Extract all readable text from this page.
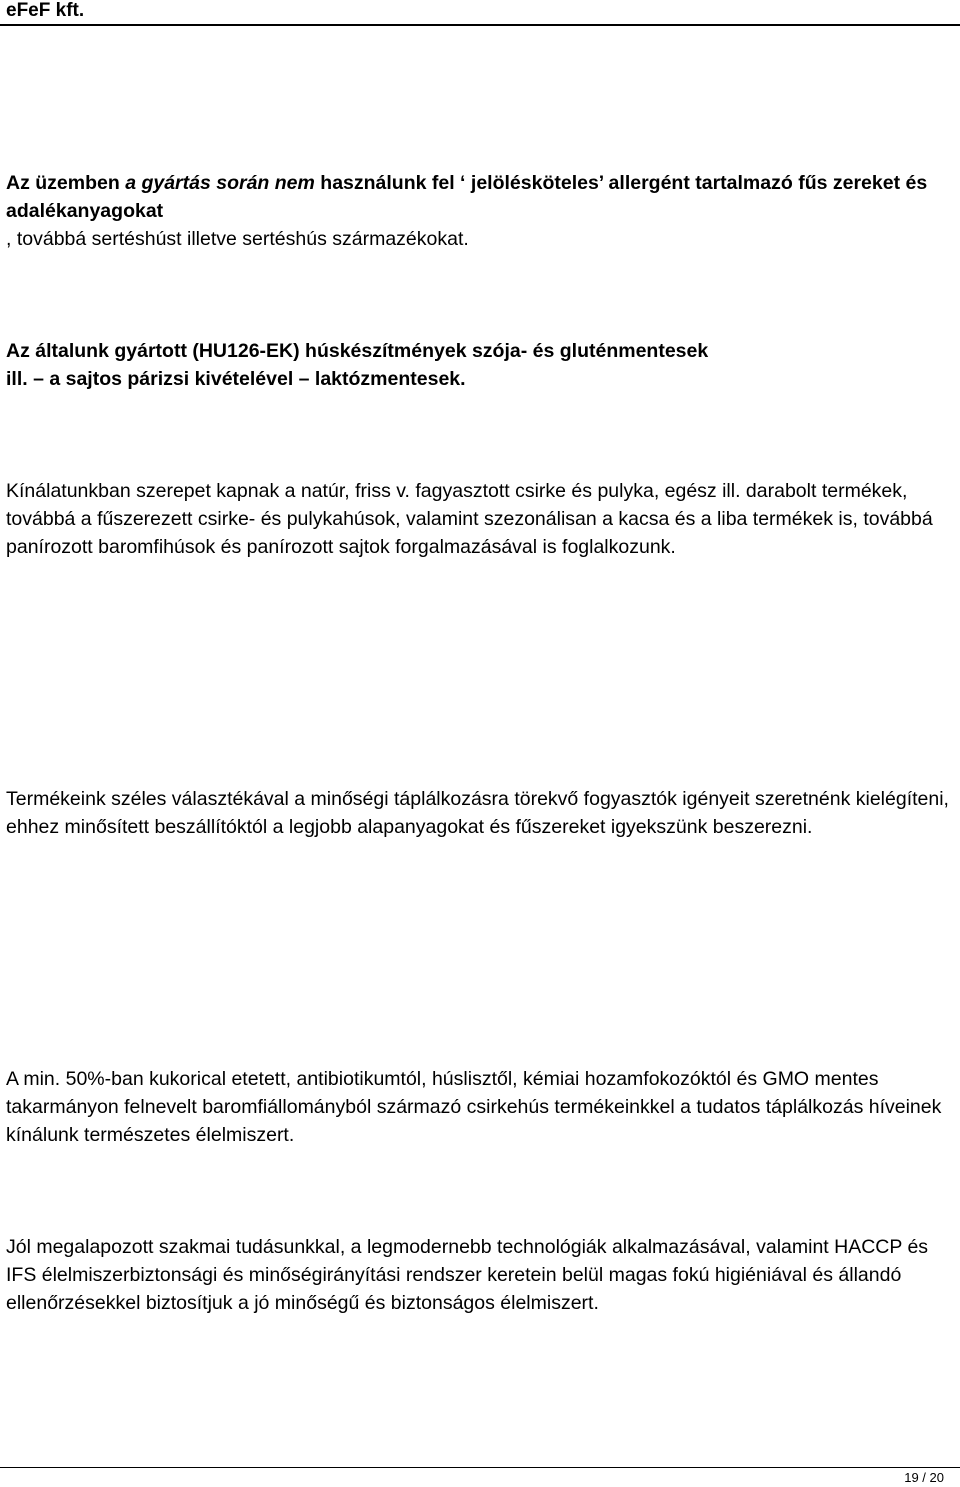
eFeF kft.
Az üzemben a gyártás során nem használunk fel ‘ jelölésköteles’ allergént tartalmazó fűs zereket és adalékanyagokat
, továbbá sertéshúst illetve sertéshús származékokat.
Az általunk gyártott (HU126-EK) húskészítmények szója- és gluténmentesek
ill. – a sajtos párizsi kivételével – laktózmentesek.

Kínálatunkban szerepet kapnak a natúr, friss v. fagyasztott csirke és pulyka, egész ill. darabolt termékek, továbbá a fűszerezett csirke- és pulykahúsok, valamint szezonálisan a kacsa és a liba termékek is, továbbá panírozott baromfihúsok és panírozott sajtok forgalmazásával is foglalkozunk.

Termékeink széles választékával a minőségi táplálkozásra törekvő fogyasztók igényeit szeretnénk kielégíteni, ehhez minősített beszállítóktól a legjobb alapanyagokat és fűszereket igyekszünk beszerezni.

A min. 50%-ban kukorical etetett, antibiotikumtól, húslisztől, kémiai hozamfokozóktól és GMO mentes takarmányon felnevelt baromfiállományból származó csirkehús termékeinkkel a tudatos táplálkozás híveinek kínálunk természetes élelmiszert.

Jól megalapozott szakmai tudásunkkal, a legmodernebb technológiák alkalmazásával, valamint HACCP és IFS élelmiszerbiztonsági és minőségirányítási rendszer keretein belül magas fokú higiéniával és állandó ellenőrzésekkel biztosítjuk a jó minőségű és biztonságos élelmiszert.

19 / 20
